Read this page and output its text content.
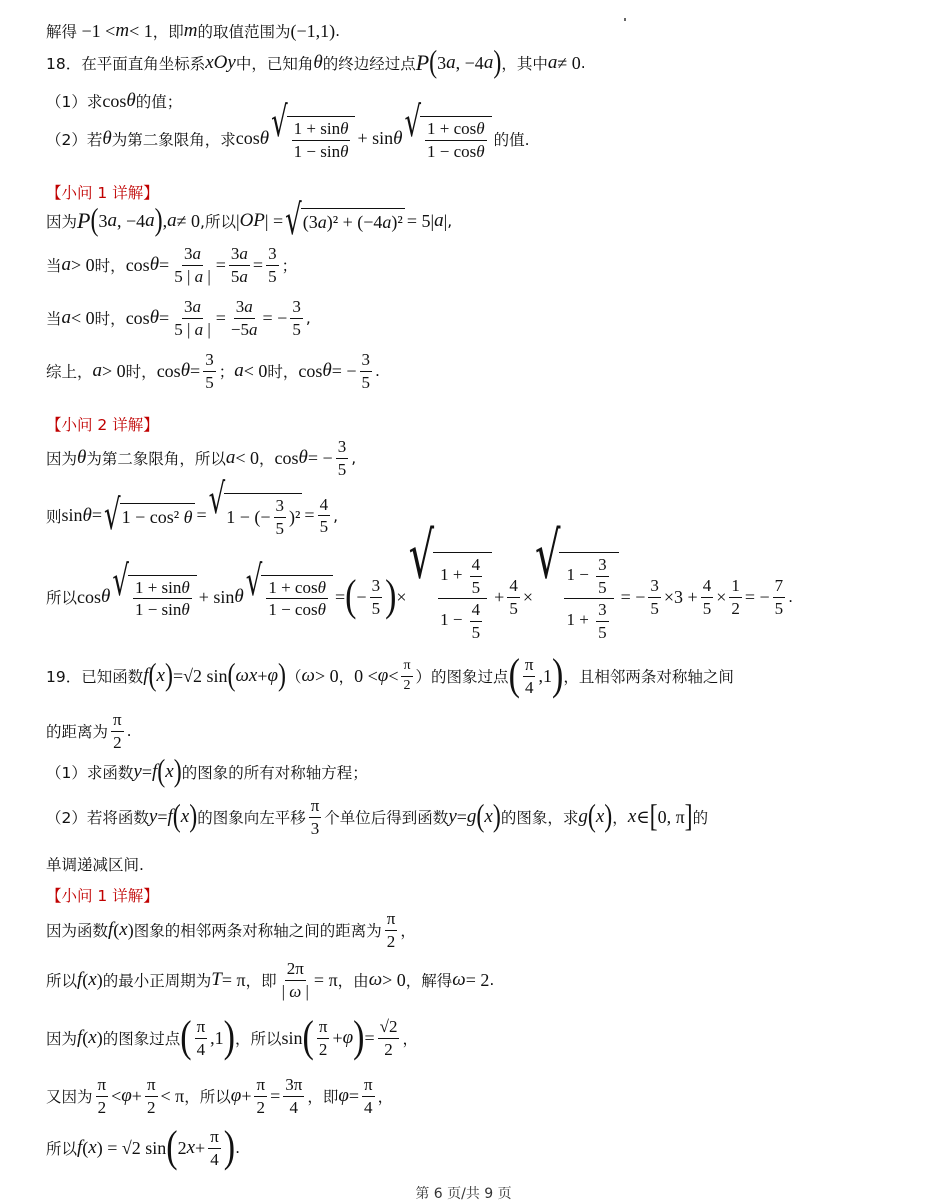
解得 −1 < m < 1 ，即 m 的取值范围为 (−1,1) .
18．在平面直角坐标系 xOy 中，已知角 θ 的终边经过点 P ( 3 a , −4 a ) ，其中 a ≠ 0 .
（1）求 cos θ 的值；
（2）若 θ 为第二象限角，求 cos θ √ $\frac{1 + \sin\theta}{1 - \sin\theta} + \sin \theta$ √ $\frac{1 + \cos\theta}{1 - \cos\theta}$ 的值.
【小问 1 详解】
因为 P ( 3 a , −4 a ) , a ≠ 0 ,所以 | OP | = √ (3a)² + (−4a)² = 5| a | ,
当 a > 0 时， $\cos \theta = \frac{3a}{5 | a |} = \frac{3a}{5a} = \frac{3}{5}$ ；
当 a < 0 时， $\cos \theta = \frac{3a}{5 | a |} = \frac{3a}{-5a}$ = − $\frac{3}{5}$ ,
综上， a > 0 时， $\cos \theta = \frac{3}{5}$ ； a < 0 时， cos θ = − $\frac{3}{5}$ .
【小问 2 详解】
因为 θ 为第二象限角，所以 a < 0 ， cos θ = − $\frac{3}{5}$ ,
则 sin θ = √ 1 − cos² θ = √ 1 − (− $\frac{3}{5} )^2 = \frac{4}{5}$ ,
所以 cos θ √ $\frac{1 + \sin\theta}{1 - \sin\theta} + \sin \theta$ √ $\frac{1 + \cos\theta}{1 - \cos\theta}$ = ( − $\frac{3}{5}$ ) ×
√ $\frac{1 + \frac{4}{5}}{1 - \frac{4}{5}} + \frac{4}{5}$ ×
√ $\frac{1 - \frac{3}{5}}{1 + \frac{3}{5}}$ = − $\frac{3}{5} \times 3 + \frac{4}{5} \times \frac{1}{2}$ = − $\frac{7}{5}$ .
19．已知函数 f ( x ) = √2 sin ( ωx + φ ) （ ω > 0 ， $0 < \varphi < \frac{\pi}{2}$ ）的图象过点 ( $\frac{\pi}{4} ,1$ ) ，且相邻两条对称轴之间
的距离为 $\frac{\pi}{2}$ .
（1）求函数 y = f ( x ) 的图象的所有对称轴方程；
（2）若将函数 y = f ( x ) 的图象向左平移 $\frac{\pi}{3}$ 个单位后得到函数 y = g ( x ) 的图象，求 g ( x ) ， x ∈ [ 0, π ] 的
单调递减区间.
【小问 1 详解】
因为函数 f ( x ) 图象的相邻两条对称轴之间的距离为 $\frac{\pi}{2}$ ，
所以 f ( x ) 的最小正周期为 T = π ，即 $\frac{2\pi}{| \omega |} = \pi$ ，由 ω > 0 ，解得 ω = 2 .
因为 f ( x ) 的图象过点 ( $\frac{\pi}{4} ,1$ ) ，所以 sin ( $\frac{\pi}{2} + \varphi$ ) = $\frac{√2}{2}$ ，
又因为 $\frac{\pi}{2} < \varphi + \frac{\pi}{2} < \pi$ ，所以 $\varphi + \frac{\pi}{2} = \frac{3\pi}{4}$ ，即 $\varphi = \frac{\pi}{4}$ ，
所以 f ( x ) = √2 sin ( 2 $x + \frac{\pi}{4}$ ) .
第 6 页/共 9 页
